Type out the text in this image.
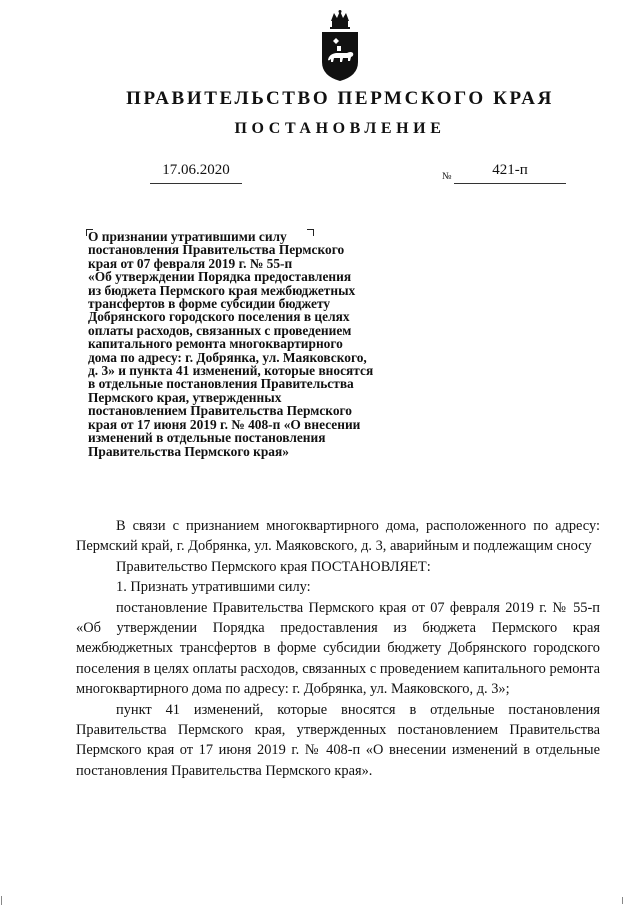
ПРАВИТЕЛЬСТВО ПЕРМСКОГО КРАЯ
ПОСТАНОВЛЕНИЕ
17.06.2020	№	421-п
О признании утратившими силу
постановления Правительства Пермского
края от 07 февраля 2019 г. № 55-п
«Об утверждении Порядка предоставления
из бюджета Пермского края межбюджетных
трансфертов в форме субсидии бюджету
Добрянского городского поселения в целях
оплаты расходов, связанных с проведением
капитального ремонта многоквартирного
дома по адресу: г. Добрянка, ул. Маяковского,
д. 3» и пункта 41 изменений, которые вносятся
в отдельные постановления Правительства
Пермского края, утвержденных
постановлением Правительства Пермского
края от 17 июня 2019 г. № 408-п «О внесении
изменений в отдельные постановления
Правительства Пермского края»

В связи с признанием многоквартирного дома, расположенного по адресу: Пермский край, г. Добрянка, ул. Маяковского, д. 3, аварийным и подлежащим сносу

Правительство Пермского края ПОСТАНОВЛЯЕТ:

1. Признать утратившими силу:

постановление Правительства Пермского края от 07 февраля 2019 г. № 55-п «Об утверждении Порядка предоставления из бюджета Пермского края межбюджетных трансфертов в форме субсидии бюджету Добрянского городского поселения в целях оплаты расходов, связанных с проведением капитального ремонта многоквартирного дома по адресу: г. Добрянка, ул. Маяковского, д. 3»;

пункт 41 изменений, которые вносятся в отдельные постановления Правительства Пермского края, утвержденных постановлением Правительства Пермского края от 17 июня 2019 г. № 408-п «О внесении изменений в отдельные постановления Правительства Пермского края».
